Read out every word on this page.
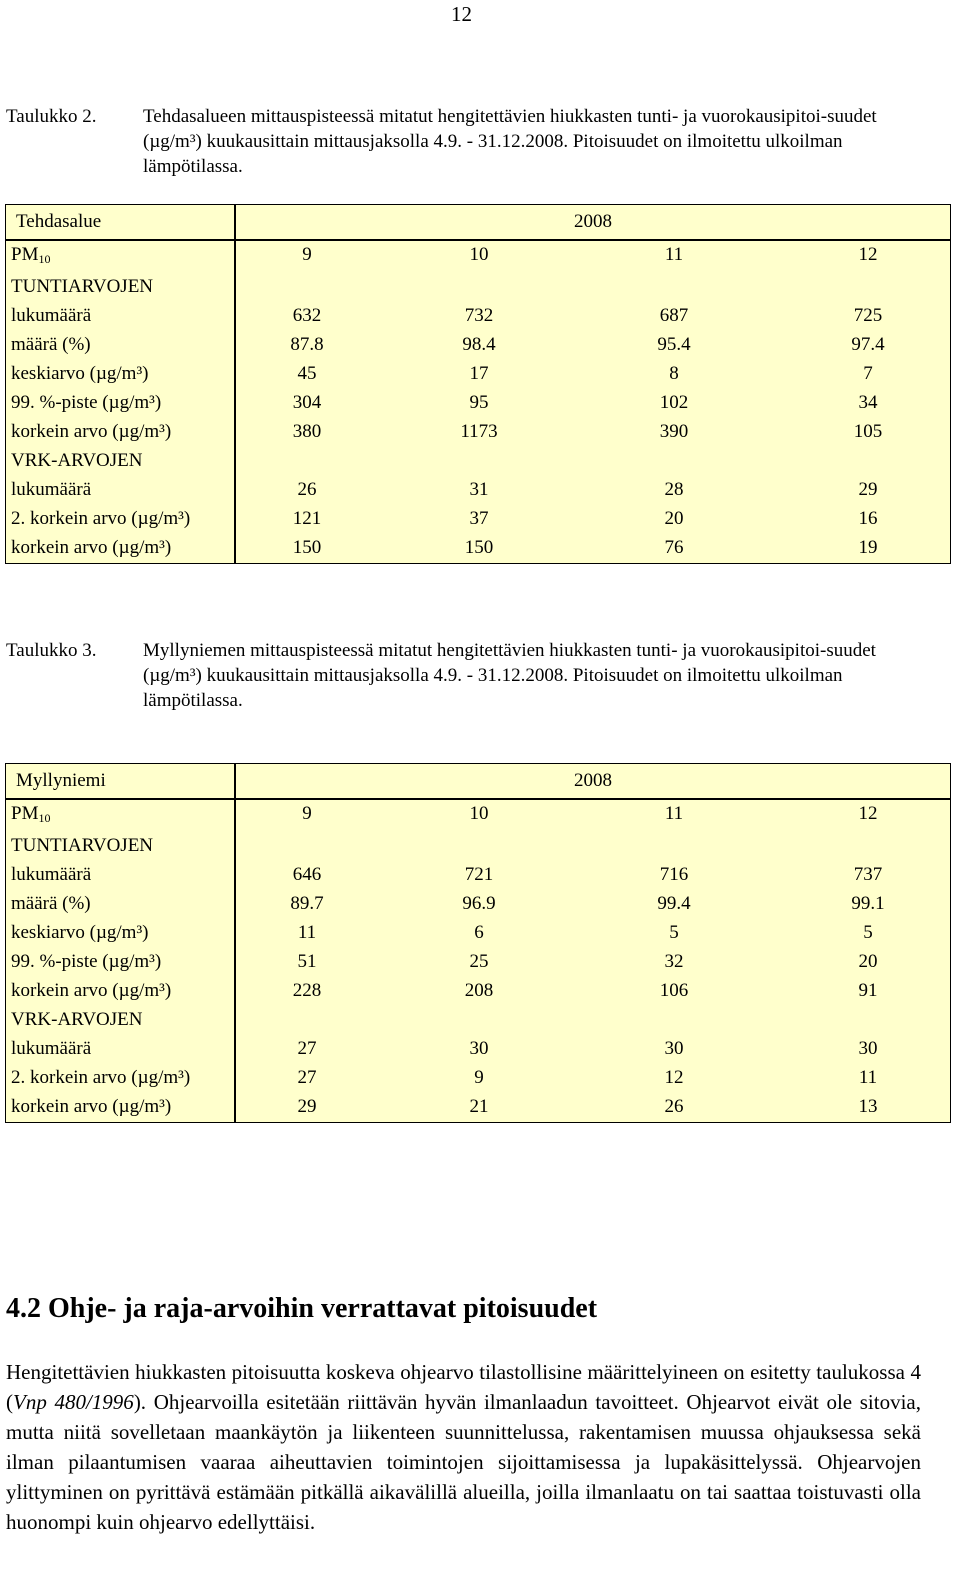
12
Taulukko 2. Tehdasalueen mittauspisteessä mitatut hengitettävien hiukkasten tunti- ja vuorokausipitoi-suudet (µg/m³) kuukausittain mittausjaksolla 4.9. - 31.12.2008. Pitoisuudet on ilmoitettu ulkoilman lämpötilassa.
Tehdasalue	2008
$PM_{10}$	9	10	11	12
TUNTIARVOJEN
lukumäärä	632	732	687	725
määrä (%)	87.8	98.4	95.4	97.4
keskiarvo (µg/m³)	45	17	8	7
99. %-piste (µg/m³)	304	95	102	34
korkein arvo (µg/m³)	380	1173	390	105
VRK-ARVOJEN
lukumäärä	26	31	28	29
2. korkein arvo (µg/m³)	121	37	20	16
korkein arvo (µg/m³)	150	150	76	19
Taulukko 3. Myllyniemen mittauspisteessä mitatut hengitettävien hiukkasten tunti- ja vuorokausipitoi-suudet (µg/m³) kuukausittain mittausjaksolla 4.9. - 31.12.2008. Pitoisuudet on ilmoitettu ulkoilman lämpötilassa.
Myllyniemi	2008
$PM_{10}$	9	10	11	12
TUNTIARVOJEN
lukumäärä	646	721	716	737
määrä (%)	89.7	96.9	99.4	99.1
keskiarvo (µg/m³)	11	6	5	5
99. %-piste (µg/m³)	51	25	32	20
korkein arvo (µg/m³)	228	208	106	91
VRK-ARVOJEN
lukumäärä	27	30	30	30
2. korkein arvo (µg/m³)	27	9	12	11
korkein arvo (µg/m³)	29	21	26	13
4.2 Ohje- ja raja-arvoihin verrattavat pitoisuudet
Hengitettävien hiukkasten pitoisuutta koskeva ohjearvo tilastollisine määrittelyineen on esitetty taulukossa 4 (Vnp 480/1996). Ohjearvoilla esitetään riittävän hyvän ilmanlaadun tavoitteet. Ohjearvot eivät ole sitovia, mutta niitä sovelletaan maankäytön ja liikenteen suunnittelussa, rakentamisen muussa ohjauksessa sekä ilman pilaantumisen vaaraa aiheuttavien toimintojen sijoittamisessa ja lupakäsittelyssä. Ohjearvojen ylittyminen on pyrittävä estämään pitkällä aikavälillä alueilla, joilla ilmanlaatu on tai saattaa toistuvasti olla huonompi kuin ohjearvo edellyttäisi.
